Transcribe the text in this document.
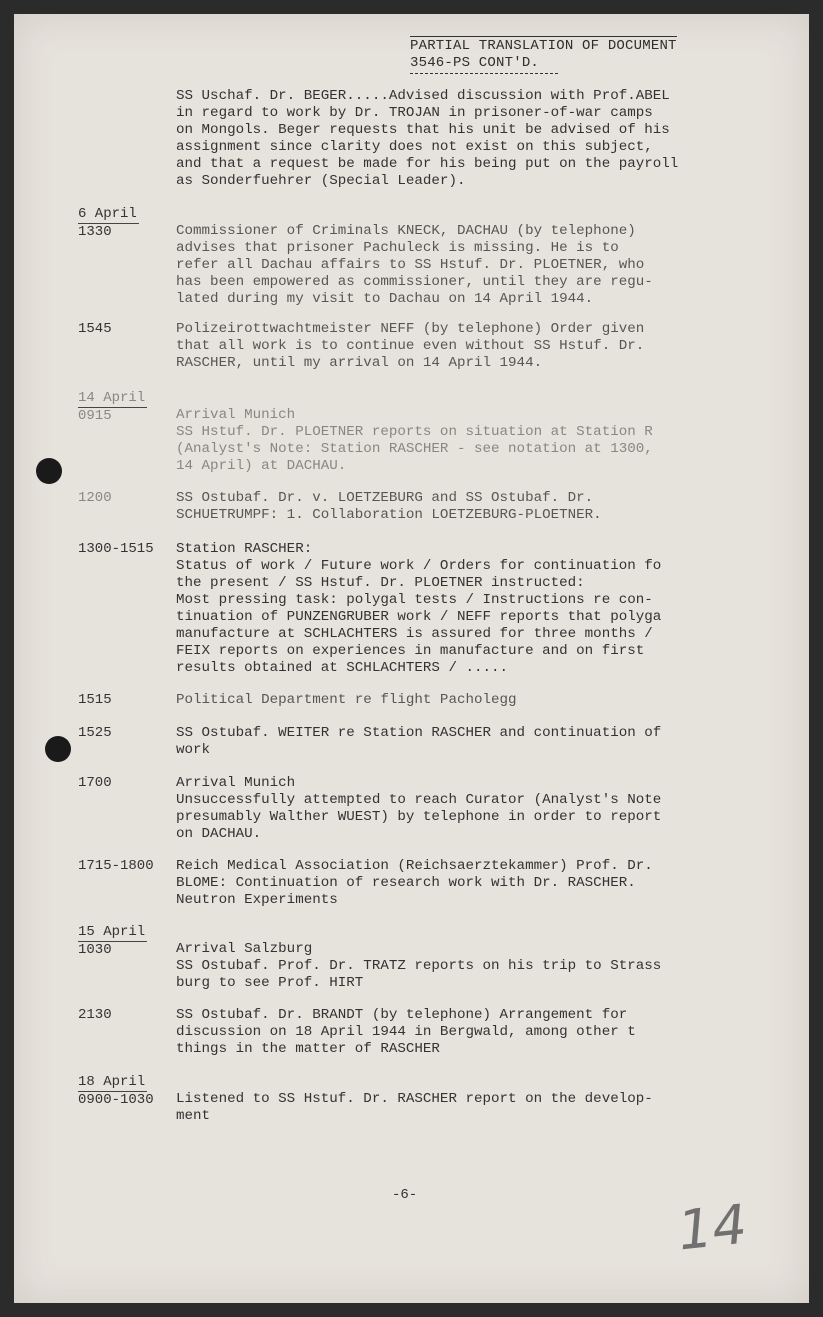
PARTIAL TRANSLATION OF DOCUMENT
3546-PS CONT'D.
SS Uschaf. Dr. BEGER.....Advised discussion with Prof.ABEL
in regard to work by Dr. TROJAN in prisoner-of-war camps
on Mongols. Beger requests that his unit be advised of his
assignment since clarity does not exist on this subject,
and that a request be made for his being put on the payroll
as Sonderfuehrer (Special Leader).
6 April
1330	Commissioner of Criminals KNECK, DACHAU (by telephone)
advises that prisoner Pachuleck is missing. He is to
refer all Dachau affairs to SS Hstuf. Dr. PLOETNER, who
has been empowered as commissioner, until they are regu-
lated during my visit to Dachau on 14 April 1944.
1545	Polizeirottwachtmeister NEFF (by telephone) Order given
that all work is to continue even without SS Hstuf. Dr.
RASCHER, until my arrival on 14 April 1944.
14 April
0915	Arrival Munich
SS Hstuf. Dr. PLOETNER reports on situation at Station R
(Analyst's Note: Station RASCHER - see notation at 1300,
14 April) at DACHAU.
1200	SS Ostubaf. Dr. v. LOETZEBURG and SS Ostubaf. Dr.
SCHUETRUMPF: 1. Collaboration LOETZEBURG-PLOETNER.
1300-1515 Station RASCHER:
Status of work / Future work / Orders for continuation fo
the present / SS Hstuf. Dr. PLOETNER instructed:
Most pressing task: polygal tests / Instructions re con-
tinuation of PUNZENGRUBER work / NEFF reports that polyga
manufacture at SCHLACHTERS is assured for three months /
FEIX reports on experiences in manufacture and on first
results obtained at SCHLACHTERS / .....
1515	Political Department re flight Pacholegg
1525	SS Ostubaf. WEITER re Station RASCHER and continuation of
work
1700	Arrival Munich
Unsuccessfully attempted to reach Curator (Analyst's Note
presumably Walther WUEST) by telephone in order to report
on DACHAU.
1715-1800 Reich Medical Association (Reichsaerztekammer) Prof. Dr.
BLOME: Continuation of research work with Dr. RASCHER.
Neutron Experiments
15 April
1030	Arrival Salzburg
SS Ostubaf. Prof. Dr. TRATZ reports on his trip to Strass
burg to see Prof. HIRT
2130	SS Ostubaf. Dr. BRANDT (by telephone) Arrangement for
discussion on 18 April 1944 in Bergwald, among other t
things in the matter of RASCHER
18 April
0900-1030 Listened to SS Hstuf. Dr. RASCHER report on the develop-
ment
-6-	14
